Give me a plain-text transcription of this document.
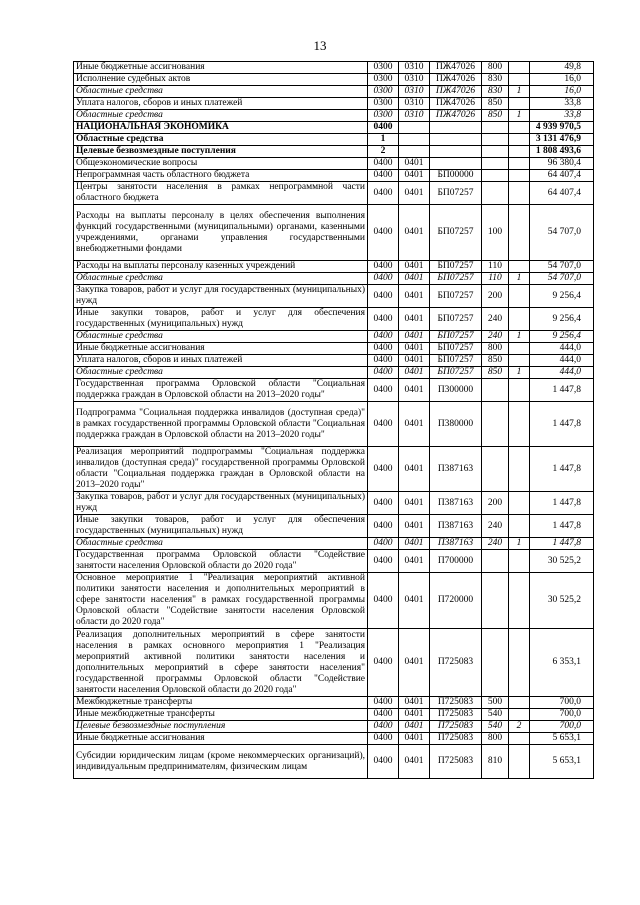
13
Иные бюджетные ассигнования	0300	0310	ПЖ47026	800		49,8
Исполнение судебных актов	0300	0310	ПЖ47026	830		16,0
Областные средства	0300	0310	ПЖ47026	830	1	16,0
Уплата налогов, сборов и иных платежей	0300	0310	ПЖ47026	850		33,8
Областные средства	0300	0310	ПЖ47026	850	1	33,8
НАЦИОНАЛЬНАЯ ЭКОНОМИКА	0400					4 939 970,5
Областные средства	1					3 131 476,9
Целевые безвозмездные поступления	2					1 808 493,6
Общеэкономические вопросы	0400	0401				96 380,4
Непрограммная часть областного бюджета	0400	0401	БП00000			64 407,4
Центры занятости населения в рамках непрограммной части областного бюджета	0400	0401	БП07257			64 407,4
Расходы на выплаты персоналу в целях обеспечения выполнения функций государственными (муниципальными) органами, казенными учреждениями, органами управления государственными внебюджетными фондами	0400	0401	БП07257	100		54 707,0
Расходы на выплаты персоналу казенных учреждений	0400	0401	БП07257	110		54 707,0
Областные средства	0400	0401	БП07257	110	1	54 707,0
Закупка товаров, работ и услуг для государственных (муниципальных) нужд	0400	0401	БП07257	200		9 256,4
Иные закупки товаров, работ и услуг для обеспечения государственных (муниципальных) нужд	0400	0401	БП07257	240		9 256,4
Областные средства	0400	0401	БП07257	240	1	9 256,4
Иные бюджетные ассигнования	0400	0401	БП07257	800		444,0
Уплата налогов, сборов и иных платежей	0400	0401	БП07257	850		444,0
Областные средства	0400	0401	БП07257	850	1	444,0
Государственная программа Орловской области "Социальная поддержка граждан в Орловской области на 2013–2020 годы"	0400	0401	П300000			1 447,8
Подпрограмма "Социальная поддержка инвалидов (доступная среда)" в рамках государственной программы Орловской области "Социальная поддержка граждан в Орловской области на 2013–2020 годы"	0400	0401	П380000			1 447,8
Реализация мероприятий подпрограммы "Социальная поддержка инвалидов (доступная среда)" государственной программы Орловской области "Социальная поддержка граждан в Орловской области на 2013–2020 годы"	0400	0401	П387163			1 447,8
Закупка товаров, работ и услуг для государственных (муниципальных) нужд	0400	0401	П387163	200		1 447,8
Иные закупки товаров, работ и услуг для обеспечения государственных (муниципальных) нужд	0400	0401	П387163	240		1 447,8
Областные средства	0400	0401	П387163	240	1	1 447,8
Государственная программа Орловской области "Содействие занятости населения Орловской области до 2020 года"	0400	0401	П700000			30 525,2
Основное мероприятие 1 "Реализация мероприятий активной политики занятости населения и дополнительных мероприятий в сфере занятости населения" в рамках государственной программы Орловской области "Содействие занятости населения Орловской области до 2020 года"	0400	0401	П720000			30 525,2
Реализация дополнительных мероприятий в сфере занятости населения в рамках основного мероприятия 1 "Реализация мероприятий активной политики занятости населения и дополнительных мероприятий в сфере занятости населения" государственной программы Орловской области "Содействие занятости населения Орловской области до 2020 года"	0400	0401	П725083			6 353,1
Межбюджетные трансферты	0400	0401	П725083	500		700,0
Иные межбюджетные трансферты	0400	0401	П725083	540		700,0
Целевые безвозмездные поступления	0400	0401	П725083	540	2	700,0
Иные бюджетные ассигнования	0400	0401	П725083	800		5 653,1
Субсидии юридическим лицам (кроме некоммерческих организаций), индивидуальным предпринимателям, физическим лицам	0400	0401	П725083	810		5 653,1
